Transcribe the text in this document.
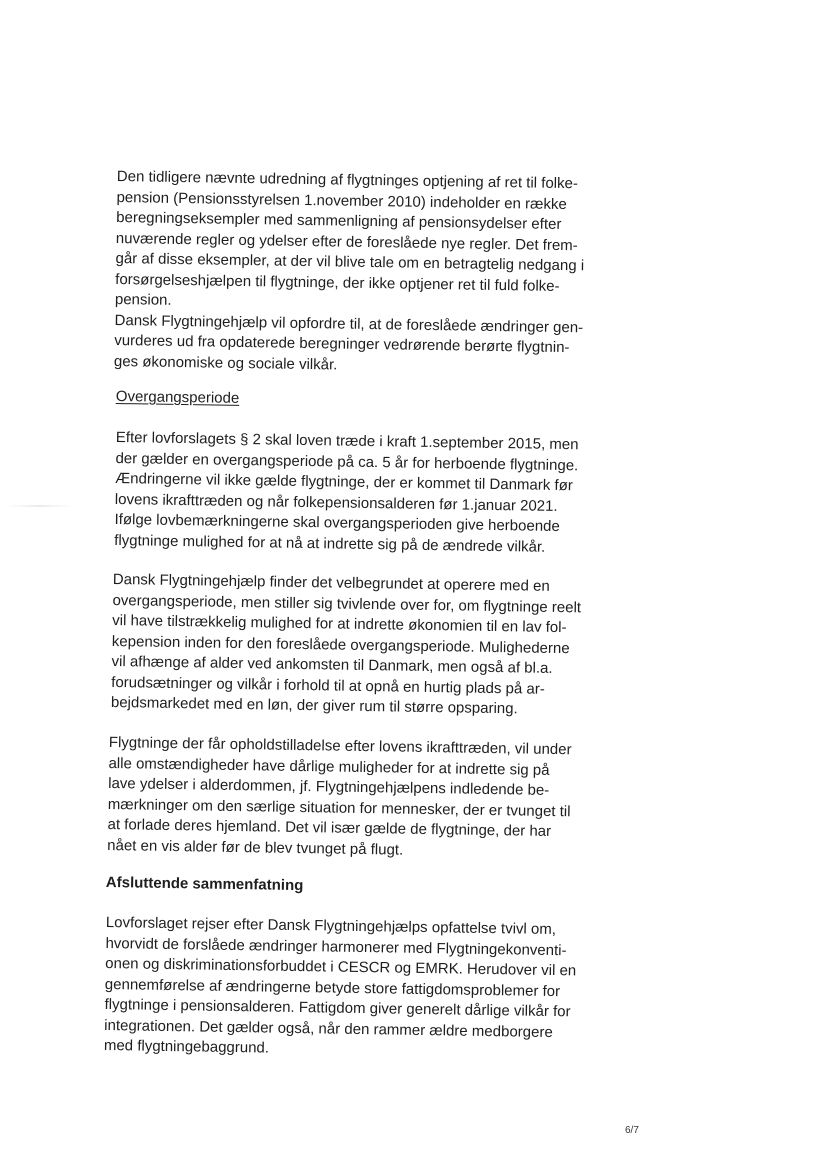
Den tidligere nævnte udredning af flygtninges optjening af ret til folke-
pension (Pensionsstyrelsen 1.november 2010) indeholder en række
beregningseksempler med sammenligning af pensionsydelser efter
nuværende regler og ydelser efter de foreslåede nye regler. Det frem-
går af disse eksempler, at der vil blive tale om en betragtelig nedgang i
forsørgelseshjælpen til flygtninge, der ikke optjener ret til fuld folke-
pension.
Dansk Flygtningehjælp vil opfordre til, at de foreslåede ændringer gen-
vurderes ud fra opdaterede beregninger vedrørende berørte flygtnin-
ges økonomiske og sociale vilkår.
Overgangsperiode
Efter lovforslagets § 2 skal loven træde i kraft 1.september 2015, men
der gælder en overgangsperiode på ca. 5 år for herboende flygtninge.
Ændringerne vil ikke gælde flygtninge, der er kommet til Danmark før
lovens ikrafttræden og når folkepensionsalderen før 1.januar 2021.
Ifølge lovbemærkningerne skal overgangsperioden give herboende
flygtninge mulighed for at nå at indrette sig på de ændrede vilkår.
Dansk Flygtningehjælp finder det velbegrundet at operere med en
overgangsperiode, men stiller sig tvivlende over for, om flygtninge reelt
vil have tilstrækkelig mulighed for at indrette økonomien til en lav fol-
kepension inden for den foreslåede overgangsperiode. Mulighederne
vil afhænge af alder ved ankomsten til Danmark, men også af bl.a.
forudsætninger og vilkår i forhold til at opnå en hurtig plads på ar-
bejdsmarkedet med en løn, der giver rum til større opsparing.
Flygtninge der får opholdstilladelse efter lovens ikrafttræden, vil under
alle omstændigheder have dårlige muligheder for at indrette sig på
lave ydelser i alderdommen, jf. Flygtningehjælpens indledende be-
mærkninger om den særlige situation for mennesker, der er tvunget til
at forlade deres hjemland. Det vil især gælde de flygtninge, der har
nået en vis alder før de blev tvunget på flugt.
Afsluttende sammenfatning
Lovforslaget rejser efter Dansk Flygtningehjælps opfattelse tvivl om,
hvorvidt de forslåede ændringer harmonerer med Flygtningekonventi-
onen og diskriminationsforbuddet i CESCR og EMRK. Herudover vil en
gennemførelse af ændringerne betyde store fattigdomsproblemer for
flygtninge i pensionsalderen. Fattigdom giver generelt dårlige vilkår for
integrationen. Det gælder også, når den rammer ældre medborgere
med flygtningebaggrund.
6/7
